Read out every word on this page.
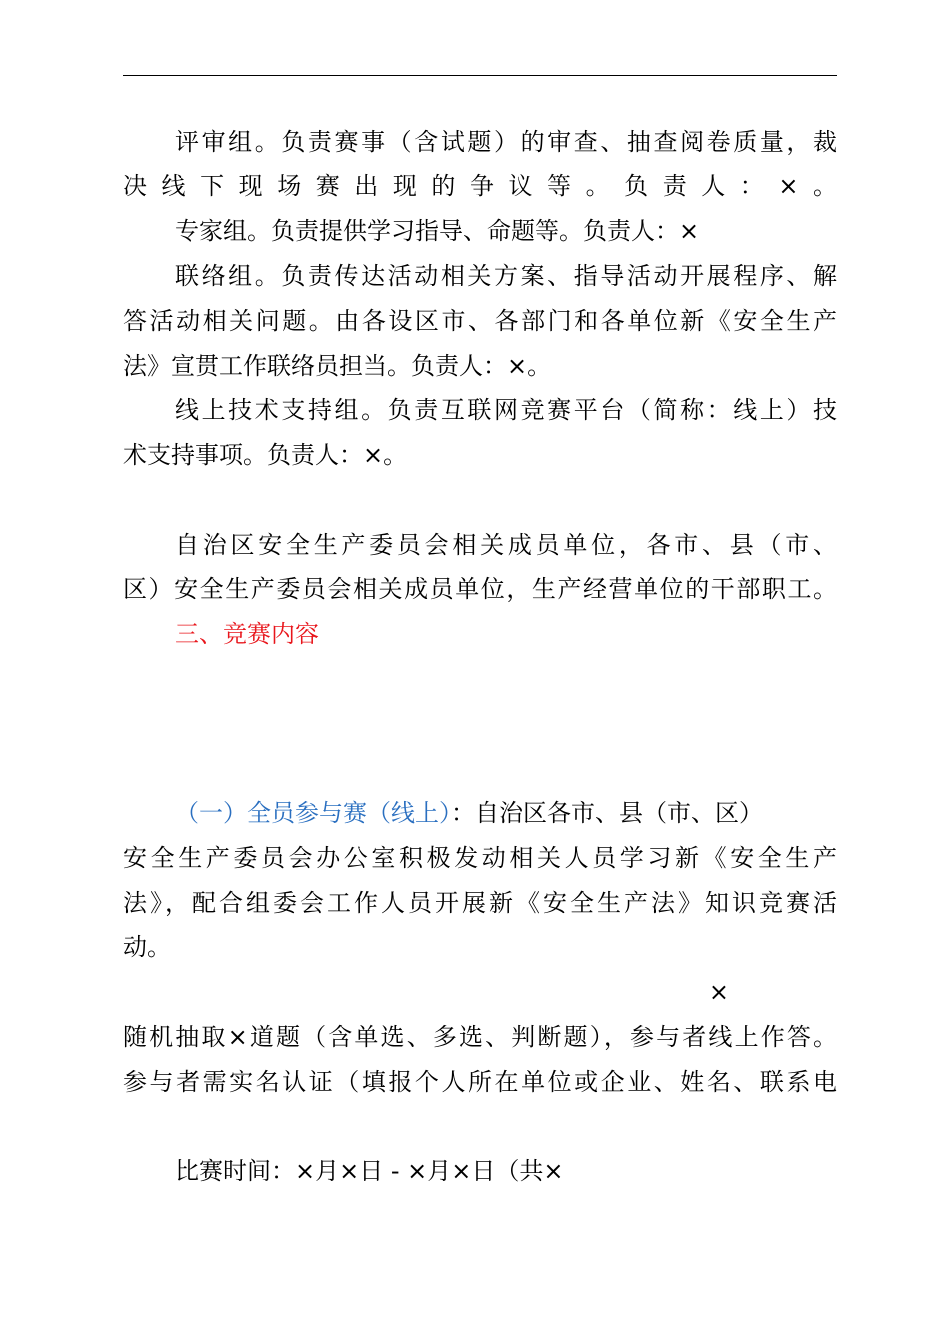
评审组。负责赛事（含试题）的审查、抽查阅卷质量，裁
决线下现场赛出现的争议等。负责人：×。
专家组。负责提供学习指导、命题等。负责人：×
联络组。负责传达活动相关方案、指导活动开展程序、解
答活动相关问题。由各设区市、各部门和各单位新《安全生产
法》宣贯工作联络员担当。负责人：×。
线上技术支持组。负责互联网竞赛平台（简称：线上）技
术支持事项。负责人：×。
自治区安全生产委员会相关成员单位，各市、县（市、
区）安全生产委员会相关成员单位，生产经营单位的干部职工。
三、竞赛内容
（一）全员参与赛（线上）：自治区各市、县（市、区）
安全生产委员会办公室积极发动相关人员学习新《安全生产
法》，配合组委会工作人员开展新《安全生产法》知识竞赛活
动。
×
随机抽取×道题（含单选、多选、判断题），参与者线上作答。
参与者需实名认证（填报个人所在单位或企业、姓名、联系电
比赛时间：×月×日 - ×月×日（共×
